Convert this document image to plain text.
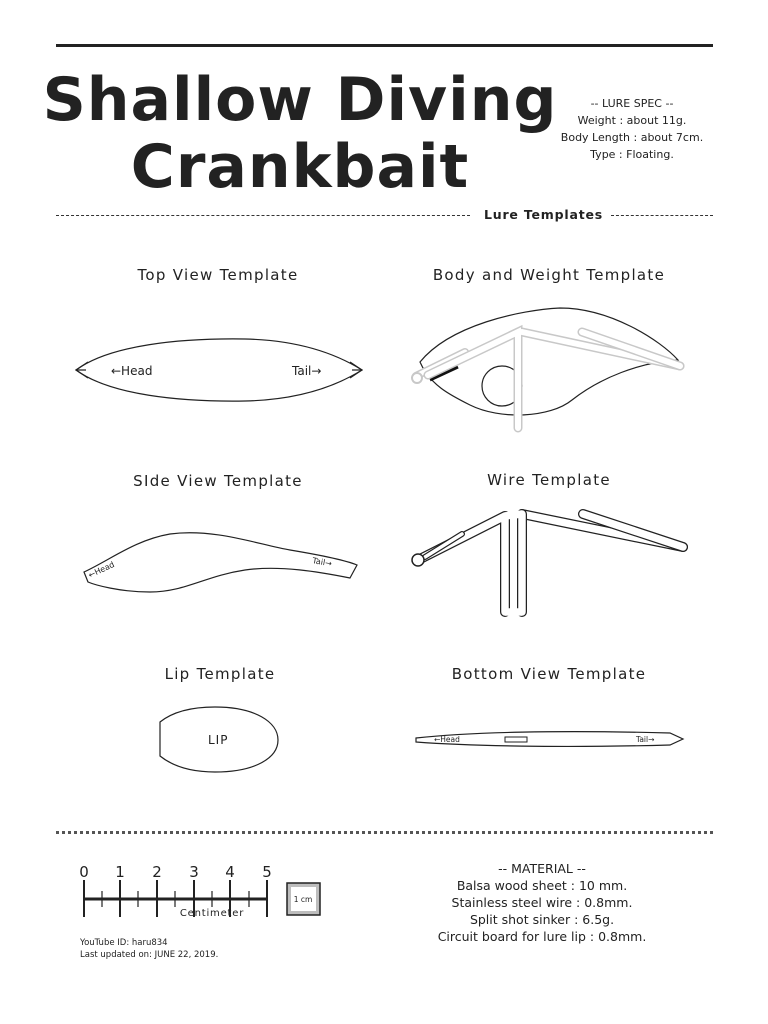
Shallow Diving
Crankbait
-- LURE SPEC --
Weight : about 11g.
Body Length : about 7cm.
Type : Floating.
Lure Templates
Top View Template	Body and Weight Template
SIde View Template	Wire Template
Lip Template	Bottom View Template
←Head	Tail→
←Head	Tail→
LIP	←Head	Tail→
0 1 2 3 4 5
Centimeter
1 cm
-- MATERIAL --
Balsa wood sheet : 10 mm.
Stainless steel wire : 0.8mm.
Split shot sinker : 6.5g.
Circuit board for lure lip : 0.8mm.
YouTube ID: haru834
Last updated on: JUNE 22, 2019.
